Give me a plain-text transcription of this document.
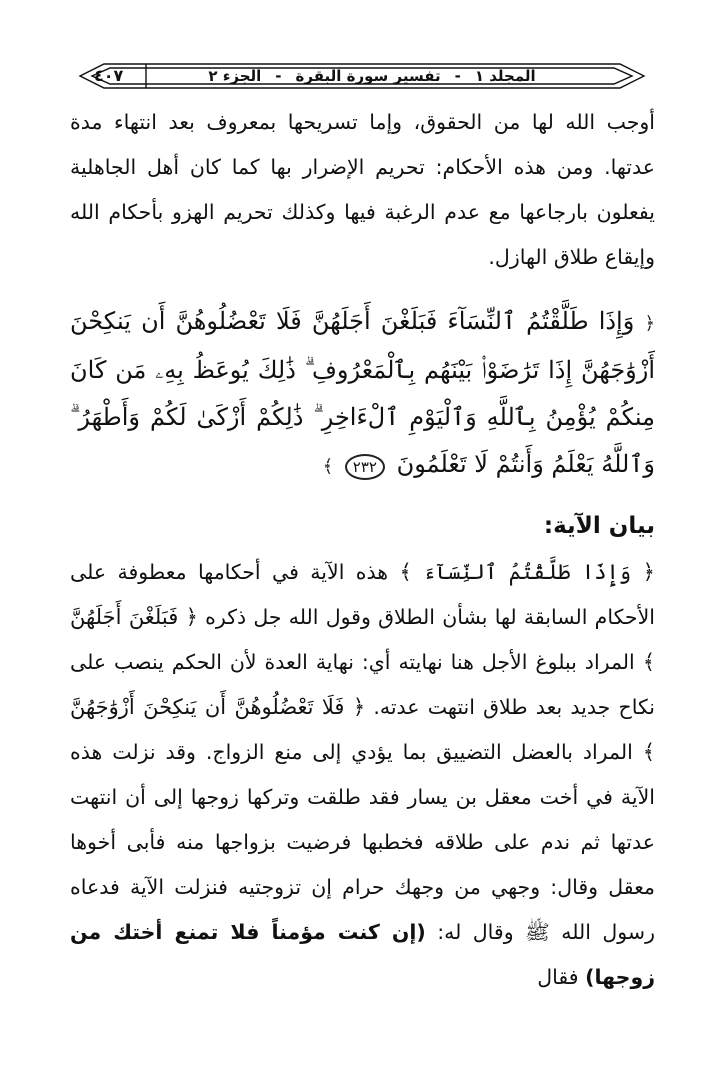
المجلد ١
-
تفسير سورة البقرة
-
الجزء ٢
٤٠٧

أوجب الله لها من الحقوق، وإما تسريحها بمعروف بعد انتهاء مدة عدتها. ومن هذه الأحكام: تحريم الإضرار بها كما كان أهل الجاهلية يفعلون بارجاعها مع عدم الرغبة فيها وكذلك تحريم الهزو بأحكام الله وإيقاع طلاق الهازل.

﴿ وَإِذَا طَلَّقْتُمُ ٱلنِّسَآءَ فَبَلَغْنَ أَجَلَهُنَّ فَلَا تَعْضُلُوهُنَّ أَن يَنكِحْنَ أَزْوَٰجَهُنَّ إِذَا تَرَٰضَوْا۟ بَيْنَهُم بِٱلْمَعْرُوفِ ۗ ذَٰلِكَ يُوعَظُ بِهِۦ مَن كَانَ مِنكُمْ يُؤْمِنُ بِٱللَّهِ وَٱلْيَوْمِ ٱلْءَاخِرِ ۗ ذَٰلِكُمْ أَزْكَىٰ لَكُمْ وَأَطْهَرُ ۗ وَٱللَّهُ يَعْلَمُ وَأَنتُمْ لَا تَعْلَمُونَ ٢٣٢ ﴾

بيان الآية:

﴿ وَإِذَا طَلَّقْتُمُ ٱلنِّسَآءَ ﴾ هذه الآية في أحكامها معطوفة على الأحكام السابقة لها بشأن الطلاق وقول الله جل ذكره ﴿ فَبَلَغْنَ أَجَلَهُنَّ ﴾ المراد ببلوغ الأجل هنا نهايته أي: نهاية العدة لأن الحكم ينصب على نكاح جديد بعد طلاق انتهت عدته. ﴿ فَلَا تَعْضُلُوهُنَّ أَن يَنكِحْنَ أَزْوَٰجَهُنَّ ﴾ المراد بالعضل التضييق بما يؤدي إلى منع الزواج. وقد نزلت هذه الآية في أخت معقل بن يسار فقد طلقت وتركها زوجها إلى أن انتهت عدتها ثم ندم على طلاقه فخطبها فرضيت بزواجها منه فأبى أخوها معقل وقال: وجهي من وجهك حرام إن تزوجتيه فنزلت الآية فدعاه رسول الله ﷺ وقال له: (إن كنت مؤمناً فلا تمنع أختك من زوجها) فقال
